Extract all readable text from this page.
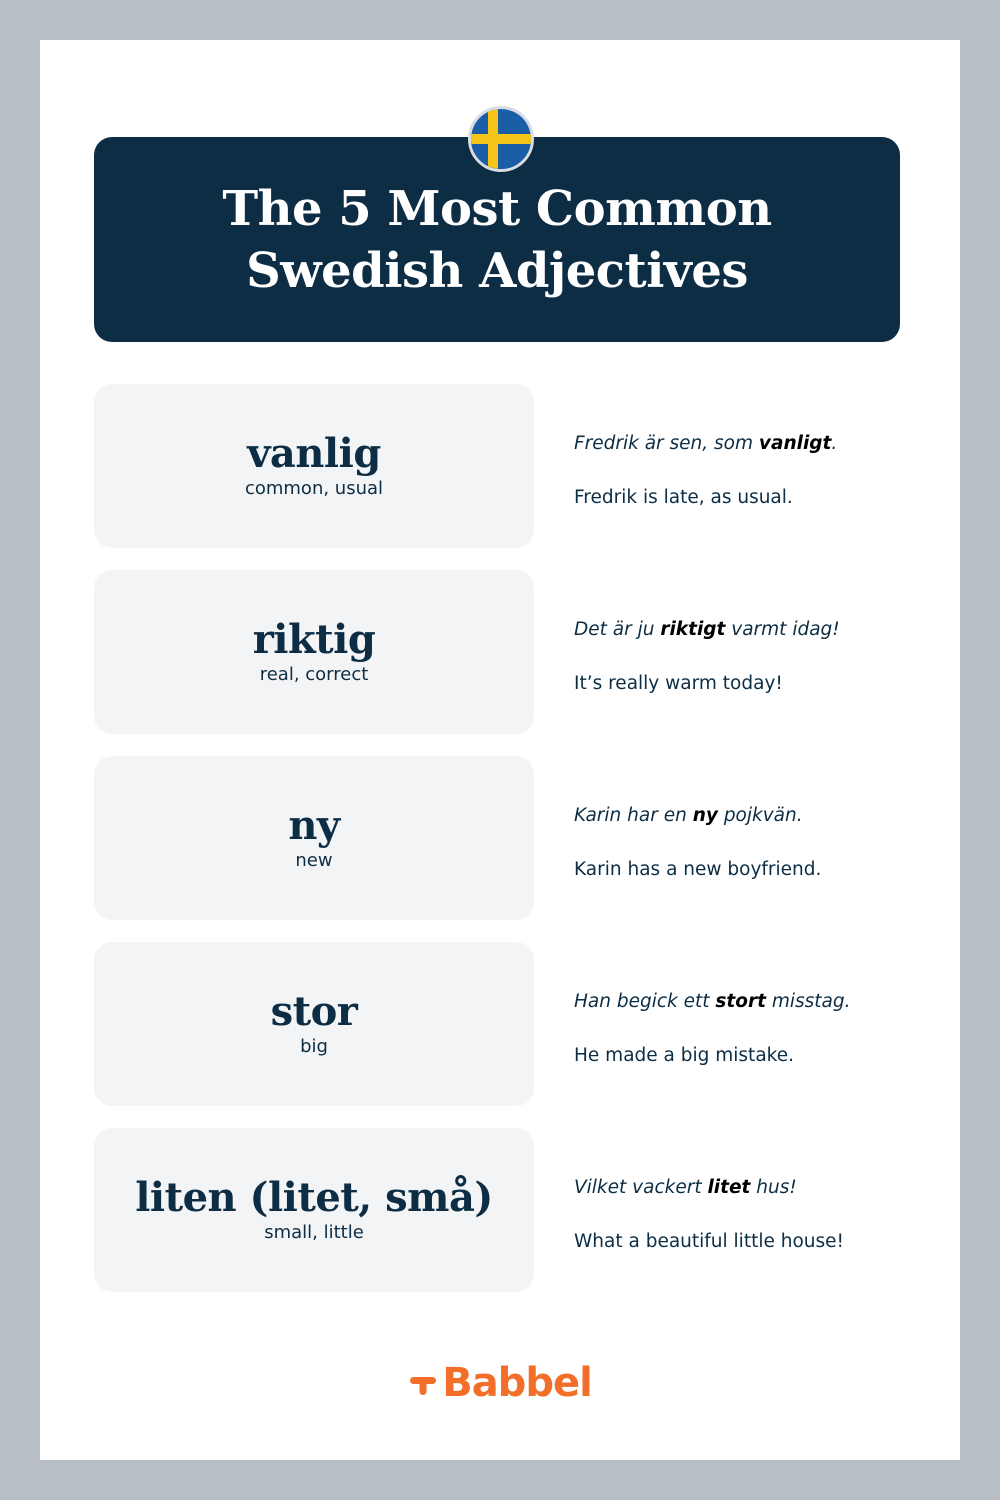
The 5 Most Common
Swedish Adjectives
vanlig
common, usual
Fredrik är sen, som vanligt.
Fredrik is late, as usual.
riktig
real, correct
Det är ju riktigt varmt idag!
It’s really warm today!
ny
new
Karin har en ny pojkvän.
Karin has a new boyfriend.
stor
big
Han begick ett stort misstag.
He made a big mistake.
liten (litet, små)
small, little
Vilket vackert litet hus!
What a beautiful little house!
Babbel
